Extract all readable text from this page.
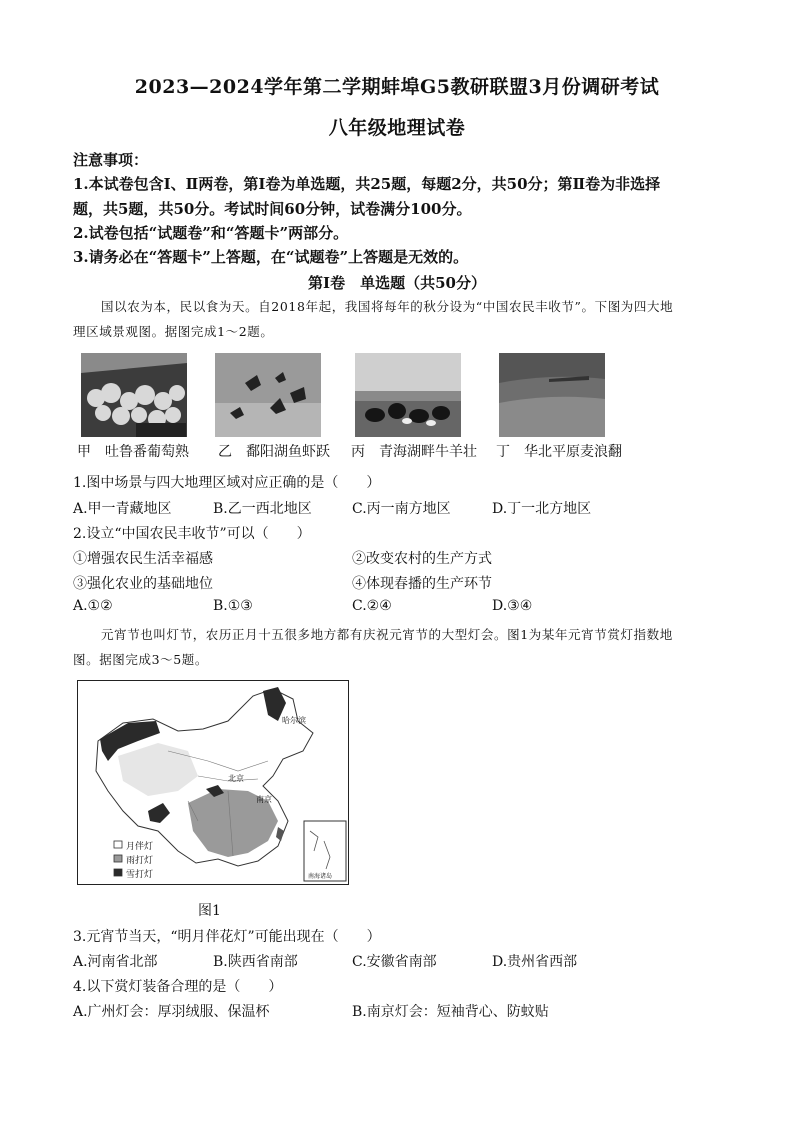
2023—2024学年第二学期蚌埠G5教研联盟3月份调研考试
八年级地理试卷
注意事项：
1.本试卷包含Ⅰ、Ⅱ两卷，第Ⅰ卷为单选题，共25题，每题2分，共50分；第Ⅱ卷为非选择
题，共5题，共50分。考试时间60分钟，试卷满分100分。
2.试卷包括“试题卷”和“答题卡”两部分。
3.请务必在“答题卡”上答题，在“试题卷”上答题是无效的。
第Ⅰ卷　单选题（共50分）
国以农为本，民以食为天。自2018年起，我国将每年的秋分设为“中国农民丰收节”。下图为四大地
理区域景观图。据图完成1～2题。
甲　吐鲁番葡萄熟 乙　鄱阳湖鱼虾跃 丙　青海湖畔牛羊壮 丁　华北平原麦浪翻
1.图中场景与四大地理区域对应正确的是（　　）
A.甲一青藏地区	B.乙一西北地区	C.丙一南方地区	D.丁一北方地区
2.设立“中国农民丰收节”可以（　　）
①增强农民生活幸福感	②改变农村的生产方式
③强化农业的基础地位	④体现春播的生产环节
A.①②	B.①③	C.②④	D.③④
元宵节也叫灯节，农历正月十五很多地方都有庆祝元宵节的大型灯会。图1为某年元宵节赏灯指数地
图。据图完成3～5题。
月伴灯
雨打灯
雪打灯
哈尔滨
北京
南京
南海诸岛
图1
3.元宵节当天，“明月伴花灯”可能出现在（　　）
A.河南省北部	B.陕西省南部	C.安徽省南部	D.贵州省西部
4.以下赏灯装备合理的是（　　）
A.广州灯会：厚羽绒服、保温杯	B.南京灯会：短袖背心、防蚊贴
